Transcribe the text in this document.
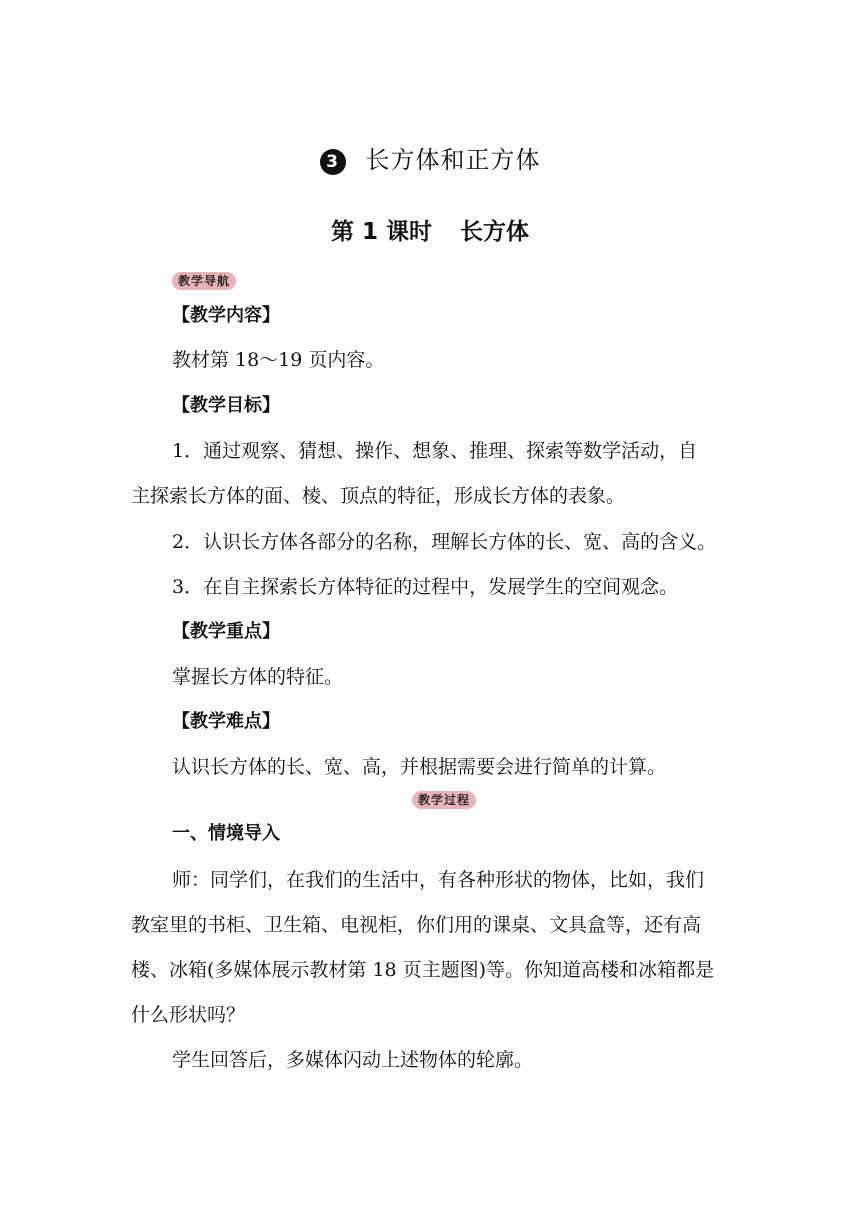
3 长方体和正方体
第 1 课时 长方体
教学导航
【教学内容】
教材第 18～19 页内容。
【教学目标】
1．通过观察、猜想、操作、想象、推理、探索等数学活动，自
主探索长方体的面、棱、顶点的特征，形成长方体的表象。
2．认识长方体各部分的名称，理解长方体的长、宽、高的含义。
3．在自主探索长方体特征的过程中，发展学生的空间观念。
【教学重点】
掌握长方体的特征。
【教学难点】
认识长方体的长、宽、高，并根据需要会进行简单的计算。
教学过程
一、情境导入
师：同学们，在我们的生活中，有各种形状的物体，比如，我们
教室里的书柜、卫生箱、电视柜，你们用的课桌、文具盒等，还有高
楼、冰箱(多媒体展示教材第 18 页主题图)等。你知道高楼和冰箱都是
什么形状吗？
学生回答后，多媒体闪动上述物体的轮廓。
